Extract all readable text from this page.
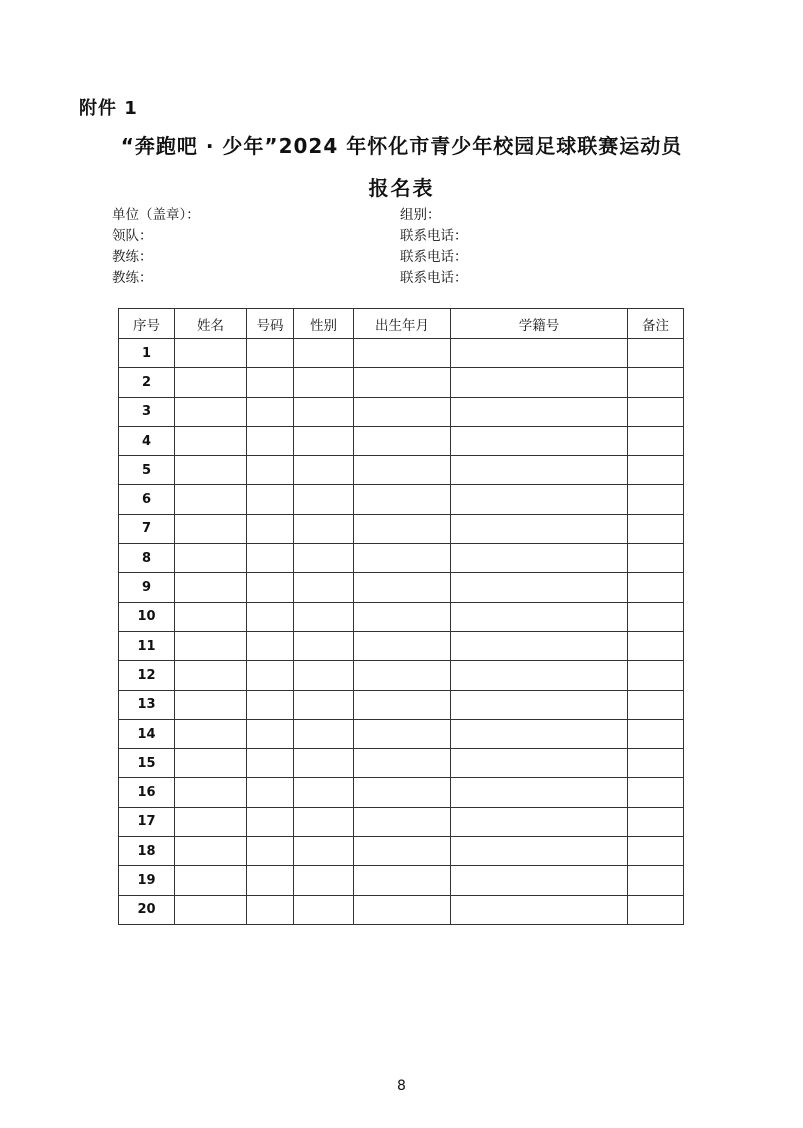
附件 1
“奔跑吧 · 少年”2024 年怀化市青少年校园足球联赛运动员
报名表
单位（盖章）：
领队：
教练：
教练：
组别：
联系电话：
联系电话：
联系电话：
序号	姓名	号码	性别	出生年月	学籍号	备注
1						
2						
3						
4						
5						
6						
7						
8						
9						
10						
11						
12						
13						
14						
15						
16						
17						
18						
19						
20						
8
